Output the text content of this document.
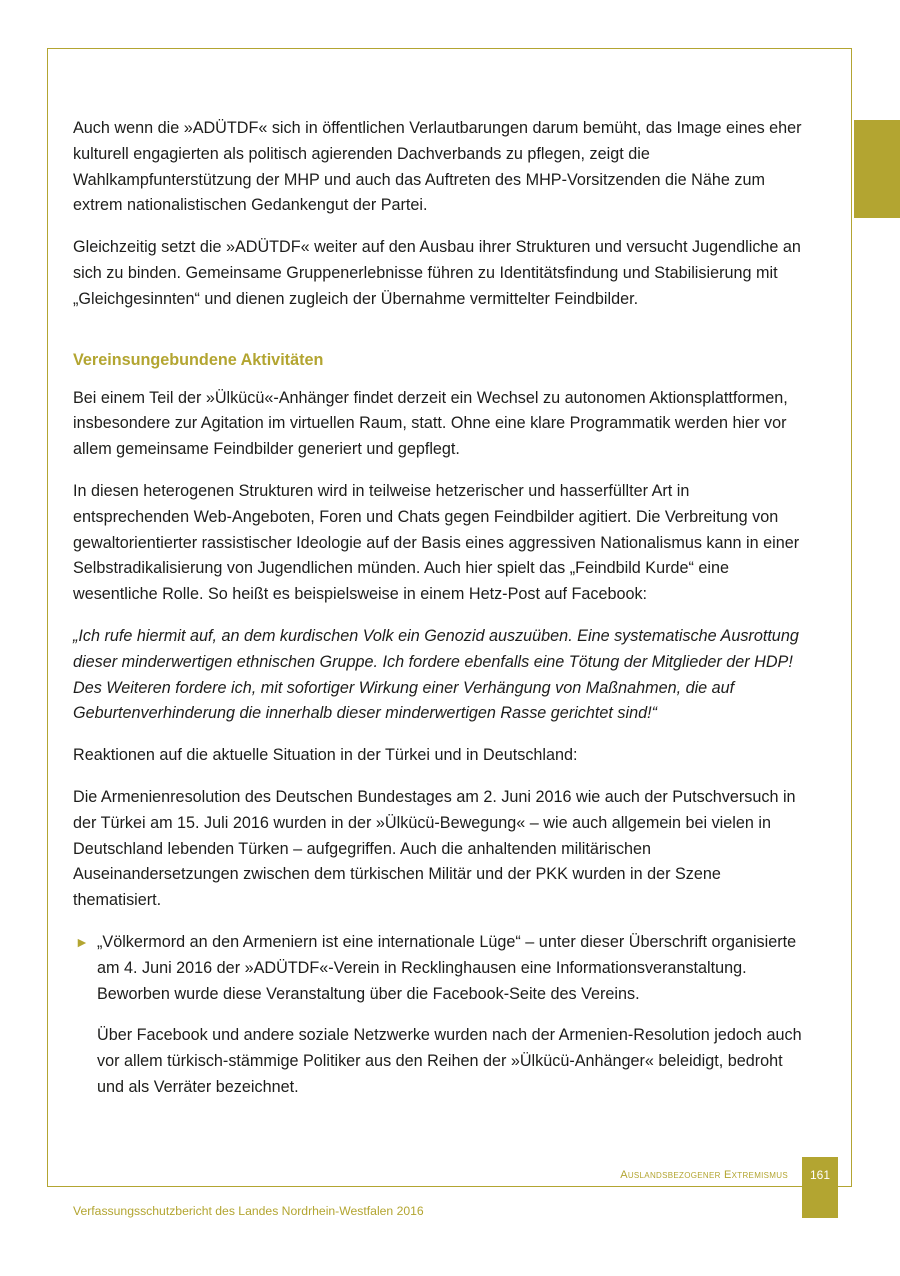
Auch wenn die »ADÜTDF« sich in öffentlichen Verlautbarungen darum bemüht, das Image eines eher kulturell engagierten als politisch agierenden Dachverbands zu pflegen, zeigt die Wahlkampfunterstützung der MHP und auch das Auftreten des MHP-Vorsitzenden die Nähe zum extrem nationalistischen Gedankengut der Partei.

Gleichzeitig setzt die »ADÜTDF« weiter auf den Ausbau ihrer Strukturen und versucht Jugendliche an sich zu binden. Gemeinsame Gruppenerlebnisse führen zu Identitätsfindung und Stabilisierung mit „Gleichgesinnten“ und dienen zugleich der Übernahme vermittelter Feindbilder.

Vereinsungebundene Aktivitäten

Bei einem Teil der »Ülkücü«-Anhänger findet derzeit ein Wechsel zu autonomen Aktionsplattformen, insbesondere zur Agitation im virtuellen Raum, statt. Ohne eine klare Programmatik werden hier vor allem gemeinsame Feindbilder generiert und gepflegt.

In diesen heterogenen Strukturen wird in teilweise hetzerischer und hasserfüllter Art in entsprechenden Web-Angeboten, Foren und Chats gegen Feindbilder agitiert. Die Verbreitung von gewaltorientierter rassistischer Ideologie auf der Basis eines aggressiven Nationalismus kann in einer Selbstradikalisierung von Jugendlichen münden. Auch hier spielt das „Feindbild Kurde“ eine wesentliche Rolle. So heißt es beispielsweise in einem Hetz-Post auf Facebook:

„Ich rufe hiermit auf, an dem kurdischen Volk ein Genozid auszuüben. Eine systematische Ausrottung dieser minderwertigen ethnischen Gruppe. Ich fordere ebenfalls eine Tötung der Mitglieder der HDP! Des Weiteren fordere ich, mit sofortiger Wirkung einer Verhängung von Maßnahmen, die auf Geburtenverhinderung die innerhalb dieser minderwertigen Rasse gerichtet sind!“

Reaktionen auf die aktuelle Situation in der Türkei und in Deutschland:

Die Armenienresolution des Deutschen Bundestages am 2. Juni 2016 wie auch der Putschversuch in der Türkei am 15. Juli 2016 wurden in der »Ülkücü-Bewegung« – wie auch allgemein bei vielen in Deutschland lebenden Türken – aufgegriffen. Auch die anhaltenden militärischen Auseinandersetzungen zwischen dem türkischen Militär und der PKK wurden in der Szene thematisiert.

► „Völkermord an den Armeniern ist eine internationale Lüge“ – unter dieser Überschrift organisierte am 4. Juni 2016 der »ADÜTDF«-Verein in Recklinghausen eine Informationsveranstaltung. Beworben wurde diese Veranstaltung über die Facebook-Seite des Vereins.

Über Facebook und andere soziale Netzwerke wurden nach der Armenien-Resolution jedoch auch vor allem türkisch-stämmige Politiker aus den Reihen der »Ülkücü-Anhänger« beleidigt, bedroht und als Verräter bezeichnet.

Auslandsbezogener Extremismus	161
Verfassungsschutzbericht des Landes Nordrhein-Westfalen 2016
